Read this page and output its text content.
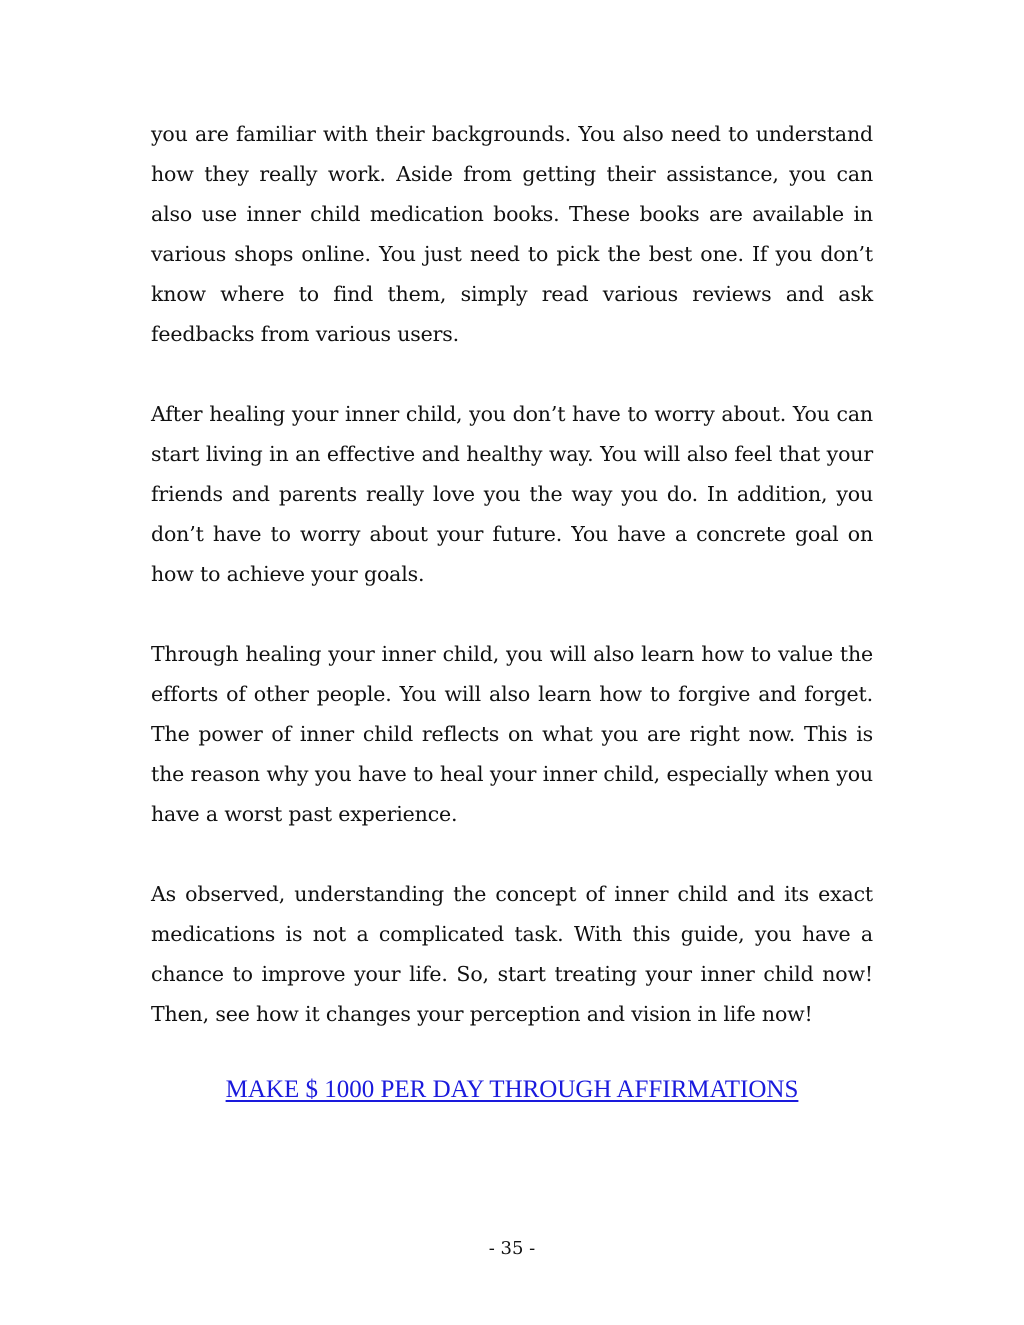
you are familiar with their backgrounds. You also need to understand how they really work. Aside from getting their assistance, you can also use inner child medication books. These books are available in various shops online. You just need to pick the best one. If you don’t know where to find them, simply read various reviews and ask feedbacks from various users.

After healing your inner child, you don’t have to worry about. You can start living in an effective and healthy way. You will also feel that your friends and parents really love you the way you do. In addition, you don’t have to worry about your future. You have a concrete goal on how to achieve your goals.

Through healing your inner child, you will also learn how to value the efforts of other people. You will also learn how to forgive and forget. The power of inner child reflects on what you are right now. This is the reason why you have to heal your inner child, especially when you have a worst past experience.

As observed, understanding the concept of inner child and its exact medications is not a complicated task. With this guide, you have a chance to improve your life. So, start treating your inner child now! Then, see how it changes your perception and vision in life now!

MAKE $ 1000 PER DAY THROUGH AFFIRMATIONS
- 35 -
